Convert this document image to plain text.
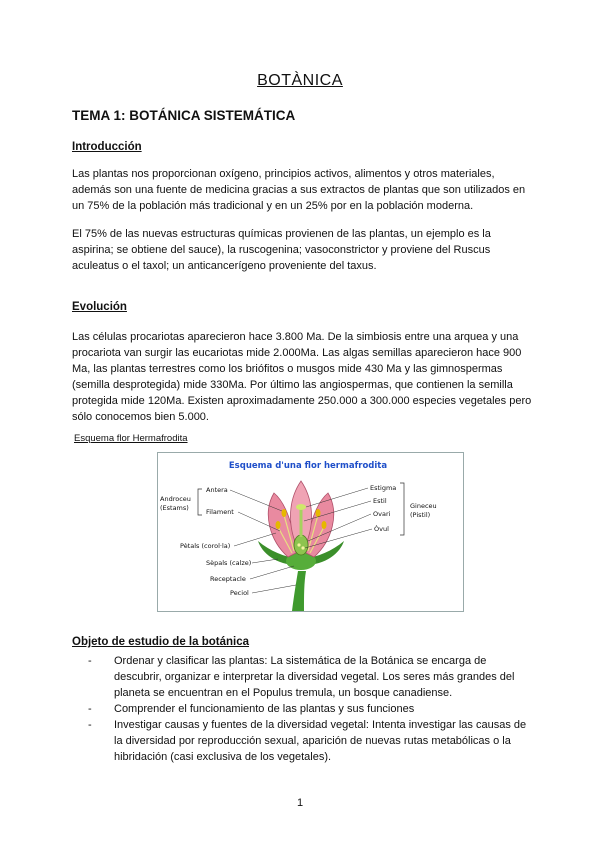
BOTÀNICA
TEMA 1: BOTÁNICA SISTEMÁTICA
Introducción
Las plantas nos proporcionan oxígeno, principios activos, alimentos y otros materiales, además son una fuente de medicina gracias a sus extractos de plantas que son utilizados en un 75% de la población más tradicional y en un 25% por en la población moderna.
El 75% de las nuevas estructuras químicas provienen de las plantas, un ejemplo es la aspirina; se obtiene del sauce), la ruscogenina; vasoconstrictor y proviene del Ruscus aculeatus o el taxol; un anticancerígeno proveniente del taxus.
Evolución
Las células procariotas aparecieron hace 3.800 Ma. De la simbiosis entre una arquea y una procariota van surgir las eucariotas mide 2.000Ma. Las algas semillas aparecieron hace 900 Ma, las plantas terrestres como los briófitos o musgos mide 430 Ma y las gimnospermas (semilla desprotegida) mide 330Ma. Por último las angiospermas, que contienen la semilla protegida mide 120Ma. Existen aproximadamente 250.000 a 300.000 especies vegetales pero sólo conocemos bien 5.000.
Esquema flor Hermafrodita
Esquema d'una flor hermafrodita
Androceu
(Estams)
Antera
Filament
Pètals (corol·la)
Sèpals (calze)
Receptacle
Peciol
Estigma
Estil
Ovari
Òvul
Gineceu
(Pistil)
Objeto de estudio de la botánica
- Ordenar y clasificar las plantas: La sistemática de la Botánica se encarga de descubrir, organizar e interpretar la diversidad vegetal. Los seres más grandes del planeta se encuentran en el Populus tremula, un bosque canadiense.
- Comprender el funcionamiento de las plantas y sus funciones
- Investigar causas y fuentes de la diversidad vegetal: Intenta investigar las causas de la diversidad por reproducción sexual, aparición de nuevas rutas metabólicas o la hibridación (casi exclusiva de los vegetales).
1
